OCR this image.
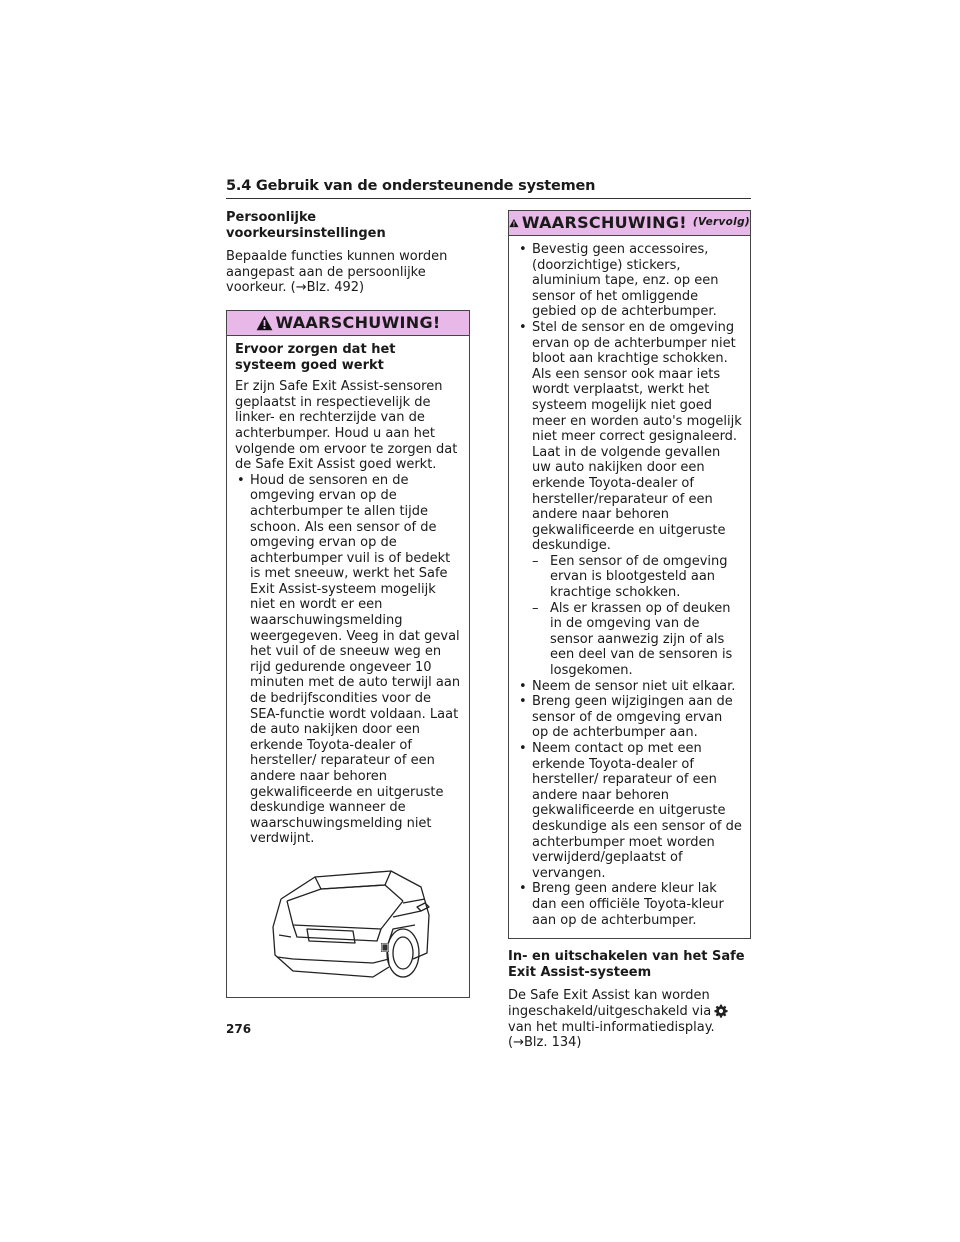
5.4 Gebruik van de ondersteunende systemen
Persoonlijke voorkeursinstellingen
Bepaalde functies kunnen worden aangepast aan de persoonlijke voorkeur. (→Blz. 492)
WAARSCHUWING!
Ervoor zorgen dat het systeem goed werkt
Er zijn Safe Exit Assist-sensoren geplaatst in respectievelijk de linker- en rechterzijde van de achterbumper. Houd u aan het volgende om ervoor te zorgen dat de Safe Exit Assist goed werkt.
• Houd de sensoren en de omgeving ervan op de achterbumper te allen tijde schoon. Als een sensor of de omgeving ervan op de achterbumper vuil is of bedekt is met sneeuw, werkt het Safe Exit Assist-systeem mogelijk niet en wordt er een waarschuwingsmelding weergegeven. Veeg in dat geval het vuil of de sneeuw weg en rijd gedurende ongeveer 10 minuten met de auto terwijl aan de bedrijfscondities voor de SEA-functie wordt voldaan. Laat de auto nakijken door een erkende Toyota-dealer of hersteller/ reparateur of een andere naar behoren gekwalificeerde en uitgeruste deskundige wanneer de waarschuwingsmelding niet verdwijnt.
WAARSCHUWING! (Vervolg)
• Bevestig geen accessoires, (doorzichtige) stickers, aluminium tape, enz. op een sensor of het omliggende gebied op de achterbumper.
• Stel de sensor en de omgeving ervan op de achterbumper niet bloot aan krachtige schokken. Als een sensor ook maar iets wordt verplaatst, werkt het systeem mogelijk niet goed meer en worden auto's mogelijk niet meer correct gesignaleerd. Laat in de volgende gevallen uw auto nakijken door een erkende Toyota-dealer of hersteller/reparateur of een andere naar behoren gekwalificeerde en uitgeruste deskundige.
– Een sensor of de omgeving ervan is blootgesteld aan krachtige schokken.
– Als er krassen op of deuken in de omgeving van de sensor aanwezig zijn of als een deel van de sensoren is losgekomen.
• Neem de sensor niet uit elkaar.
• Breng geen wijzigingen aan de sensor of de omgeving ervan op de achterbumper aan.
• Neem contact op met een erkende Toyota-dealer of hersteller/ reparateur of een andere naar behoren gekwalificeerde en uitgeruste deskundige als een sensor of de achterbumper moet worden verwijderd/geplaatst of vervangen.
• Breng geen andere kleur lak dan een officiële Toyota-kleur aan op de achterbumper.
In- en uitschakelen van het Safe Exit Assist-systeem
De Safe Exit Assist kan worden ingeschakeld/uitgeschakeld viavan het multi-informatiedisplay. (→Blz. 134)
276
